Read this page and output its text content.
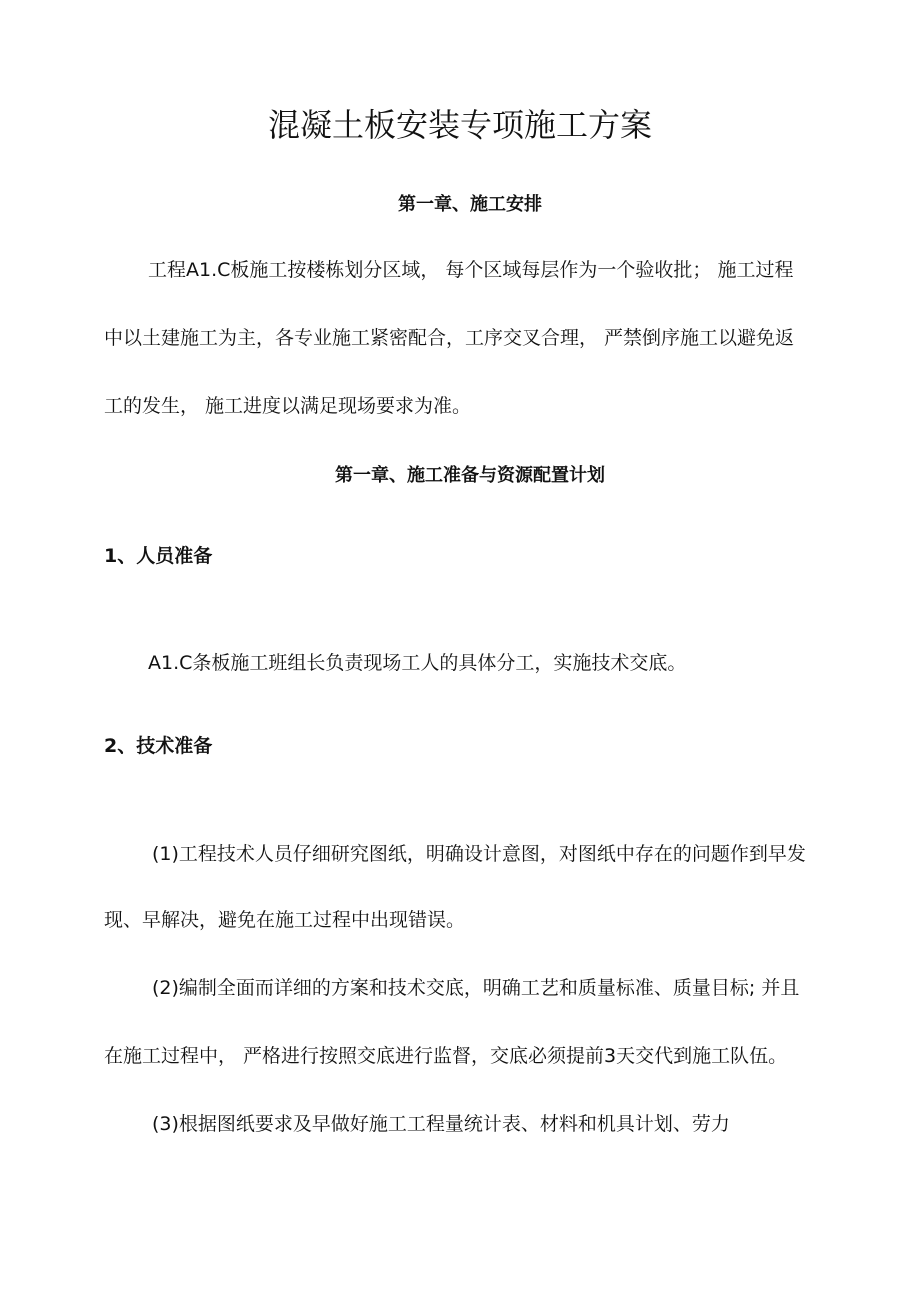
混凝土板安装专项施工方案
第一章、施工安排
工程A1.C板施工按楼栋划分区域， 每个区域每层作为一个验收批； 施工过程
中以土建施工为主，各专业施工紧密配合，工序交叉合理， 严禁倒序施工以避免返
工的发生， 施工进度以满足现场要求为准。
第一章、施工准备与资源配置计划
1、人员准备
A1.C条板施工班组长负责现场工人的具体分工，实施技术交底。
2、技术准备
(1)工程技术人员仔细研究图纸，明确设计意图，对图纸中存在的问题作到早发
现、早解决，避免在施工过程中出现错误。
(2)编制全面而详细的方案和技术交底，明确工艺和质量标准、质量目标; 并且
在施工过程中， 严格进行按照交底进行监督，交底必须提前3天交代到施工队伍。
(3)根据图纸要求及早做好施工工程量统计表、材料和机具计划、劳力
